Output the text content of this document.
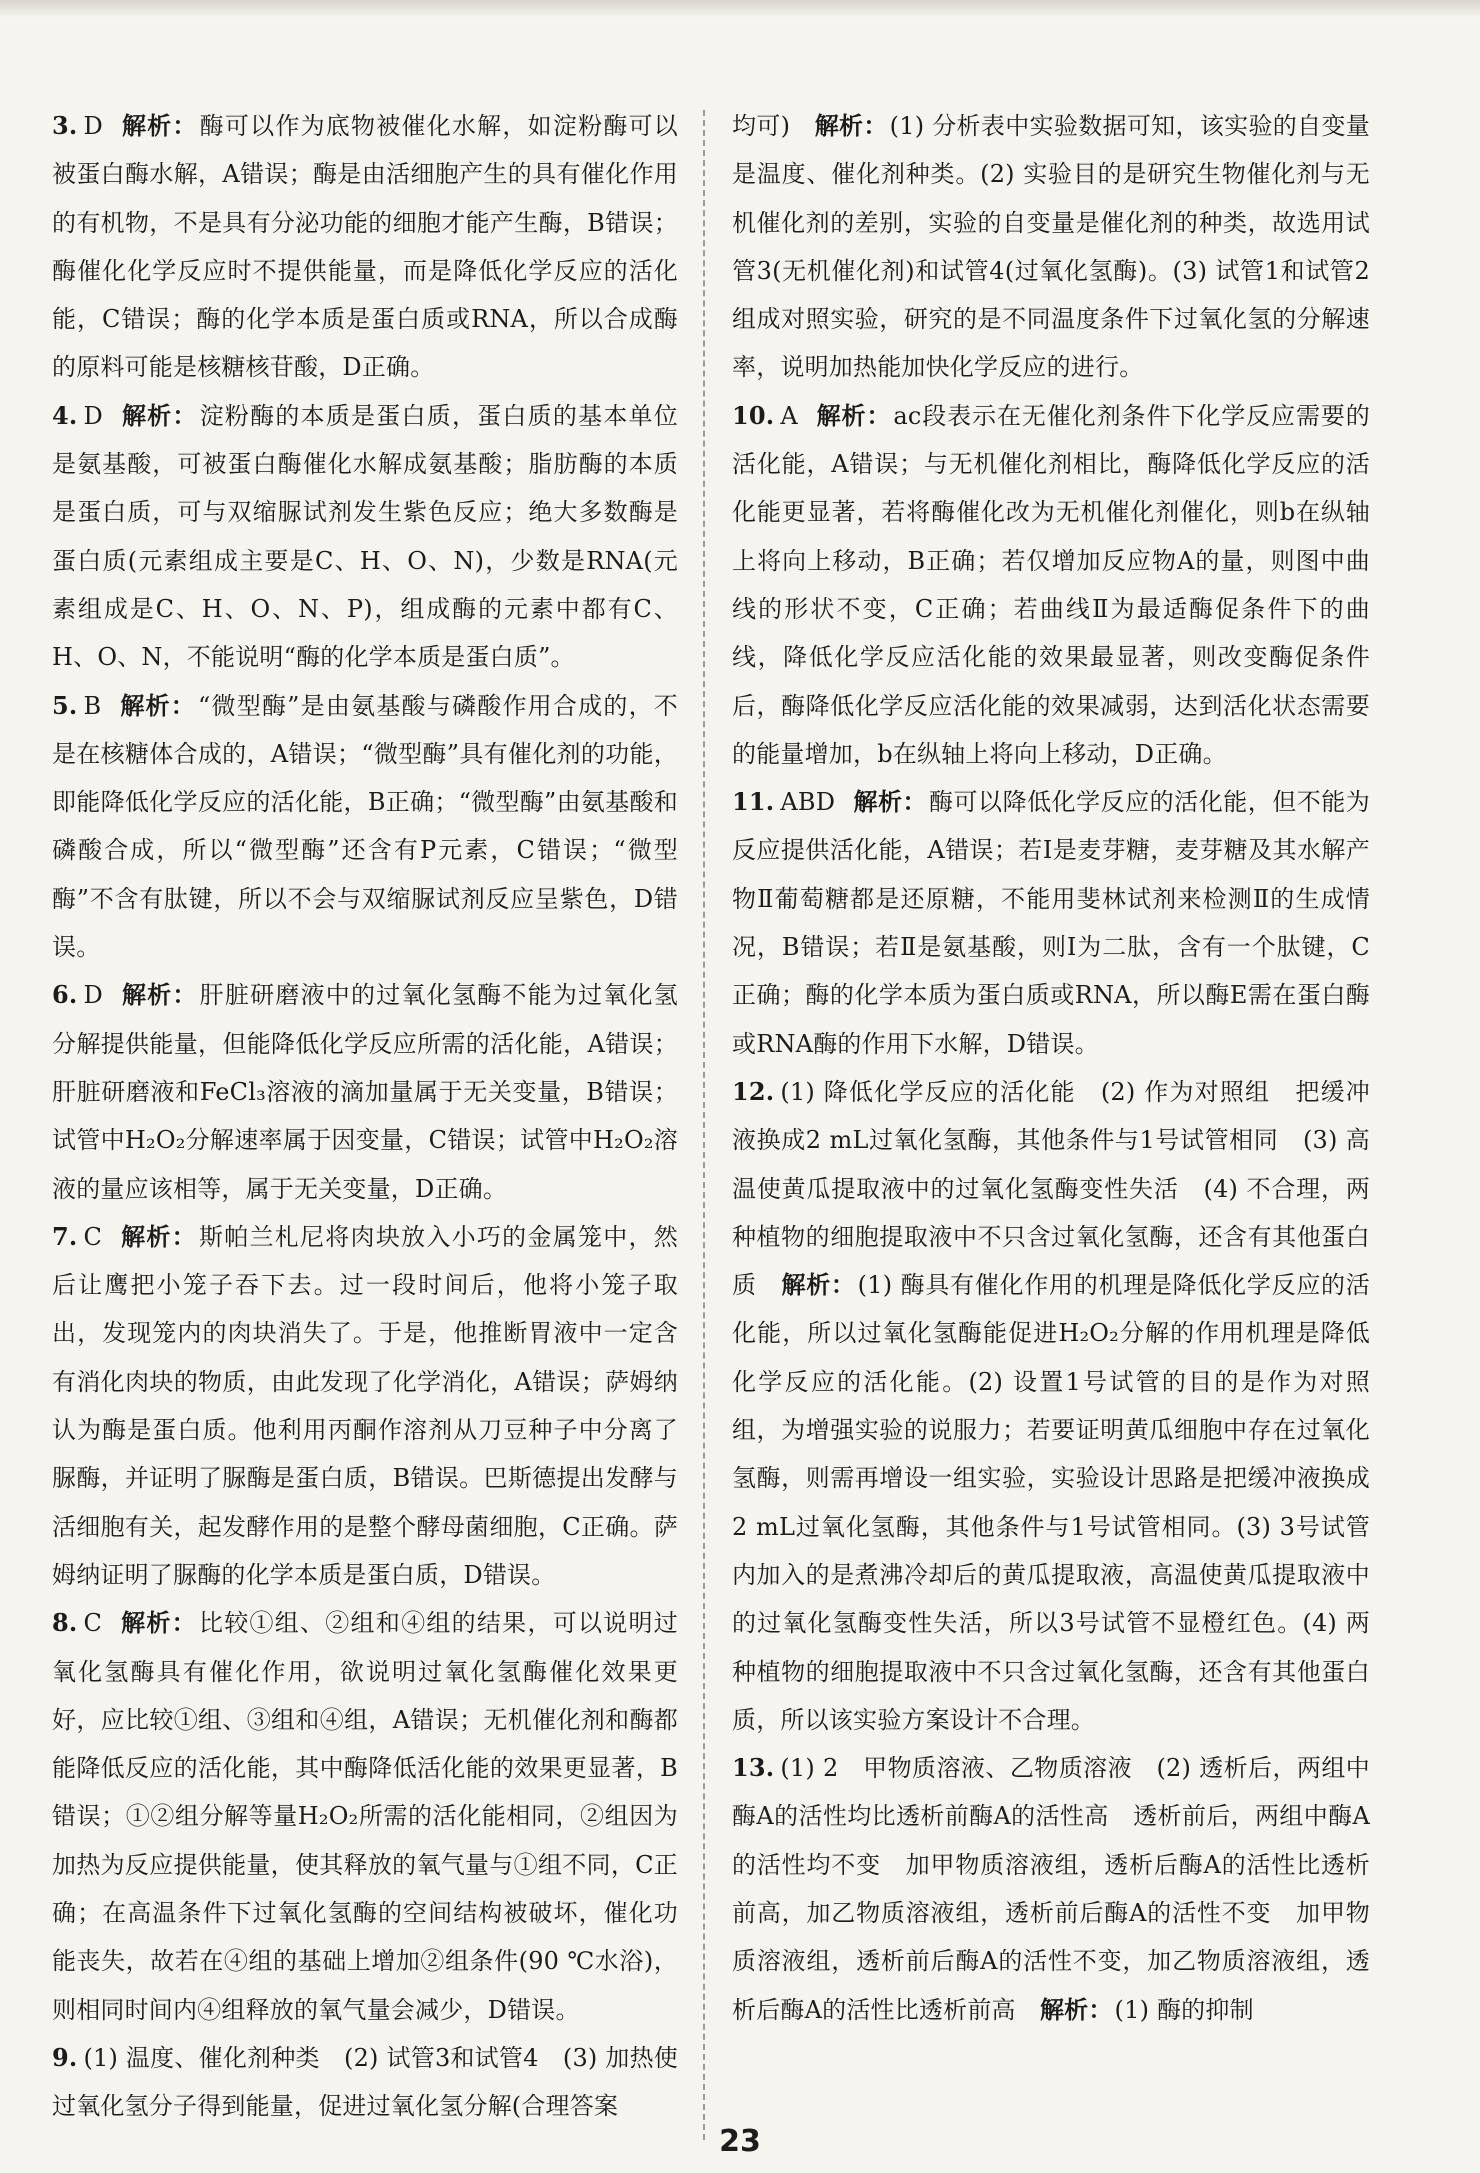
3. D 解析：酶可以作为底物被催化水解，如淀粉酶可以被蛋白酶水解，A错误；酶是由活细胞产生的具有催化作用的有机物，不是具有分泌功能的细胞才能产生酶，B错误；酶催化化学反应时不提供能量，而是降低化学反应的活化能，C错误；酶的化学本质是蛋白质或RNA，所以合成酶的原料可能是核糖核苷酸，D正确。

4. D 解析：淀粉酶的本质是蛋白质，蛋白质的基本单位是氨基酸，可被蛋白酶催化水解成氨基酸；脂肪酶的本质是蛋白质，可与双缩脲试剂发生紫色反应；绝大多数酶是蛋白质(元素组成主要是C、H、O、N)，少数是RNA(元素组成是C、H、O、N、P)，组成酶的元素中都有C、H、O、N，不能说明“酶的化学本质是蛋白质”。

5. B 解析：“微型酶”是由氨基酸与磷酸作用合成的，不是在核糖体合成的，A错误；“微型酶”具有催化剂的功能，即能降低化学反应的活化能，B正确；“微型酶”由氨基酸和磷酸合成，所以“微型酶”还含有P元素，C错误；“微型酶”不含有肽键，所以不会与双缩脲试剂反应呈紫色，D错误。

6. D 解析：肝脏研磨液中的过氧化氢酶不能为过氧化氢分解提供能量，但能降低化学反应所需的活化能，A错误；肝脏研磨液和FeCl₃溶液的滴加量属于无关变量，B错误；试管中H₂O₂分解速率属于因变量，C错误；试管中H₂O₂溶液的量应该相等，属于无关变量，D正确。

7. C 解析：斯帕兰札尼将肉块放入小巧的金属笼中，然后让鹰把小笼子吞下去。过一段时间后，他将小笼子取出，发现笼内的肉块消失了。于是，他推断胃液中一定含有消化肉块的物质，由此发现了化学消化，A错误；萨姆纳认为酶是蛋白质。他利用丙酮作溶剂从刀豆种子中分离了脲酶，并证明了脲酶是蛋白质，B错误。巴斯德提出发酵与活细胞有关，起发酵作用的是整个酵母菌细胞，C正确。萨姆纳证明了脲酶的化学本质是蛋白质，D错误。

8. C 解析：比较①组、②组和④组的结果，可以说明过氧化氢酶具有催化作用，欲说明过氧化氢酶催化效果更好，应比较①组、③组和④组，A错误；无机催化剂和酶都能降低反应的活化能，其中酶降低活化能的效果更显著，B错误；①②组分解等量H₂O₂所需的活化能相同，②组因为加热为反应提供能量，使其释放的氧气量与①组不同，C正确；在高温条件下过氧化氢酶的空间结构被破坏，催化功能丧失，故若在④组的基础上增加②组条件(90 ℃水浴)，则相同时间内④组释放的氧气量会减少，D错误。

9. (1) 温度、催化剂种类　(2) 试管3和试管4　(3) 加热使过氧化氢分子得到能量，促进过氧化氢分解(合理答案

均可)　解析：(1) 分析表中实验数据可知，该实验的自变量是温度、催化剂种类。(2) 实验目的是研究生物催化剂与无机催化剂的差别，实验的自变量是催化剂的种类，故选用试管3(无机催化剂)和试管4(过氧化氢酶)。(3) 试管1和试管2组成对照实验，研究的是不同温度条件下过氧化氢的分解速率，说明加热能加快化学反应的进行。

10. A 解析：ac段表示在无催化剂条件下化学反应需要的活化能，A错误；与无机催化剂相比，酶降低化学反应的活化能更显著，若将酶催化改为无机催化剂催化，则b在纵轴上将向上移动，B正确；若仅增加反应物A的量，则图中曲线的形状不变，C正确；若曲线Ⅱ为最适酶促条件下的曲线，降低化学反应活化能的效果最显著，则改变酶促条件后，酶降低化学反应活化能的效果减弱，达到活化状态需要的能量增加，b在纵轴上将向上移动，D正确。

11. ABD 解析：酶可以降低化学反应的活化能，但不能为反应提供活化能，A错误；若Ⅰ是麦芽糖，麦芽糖及其水解产物Ⅱ葡萄糖都是还原糖，不能用斐林试剂来检测Ⅱ的生成情况，B错误；若Ⅱ是氨基酸，则Ⅰ为二肽，含有一个肽键，C正确；酶的化学本质为蛋白质或RNA，所以酶E需在蛋白酶或RNA酶的作用下水解，D错误。

12. (1) 降低化学反应的活化能　(2) 作为对照组　把缓冲液换成2 mL过氧化氢酶，其他条件与1号试管相同　(3) 高温使黄瓜提取液中的过氧化氢酶变性失活　(4) 不合理，两种植物的细胞提取液中不只含过氧化氢酶，还含有其他蛋白质　解析：(1) 酶具有催化作用的机理是降低化学反应的活化能，所以过氧化氢酶能促进H₂O₂分解的作用机理是降低化学反应的活化能。(2) 设置1号试管的目的是作为对照组，为增强实验的说服力；若要证明黄瓜细胞中存在过氧化氢酶，则需再增设一组实验，实验设计思路是把缓冲液换成2 mL过氧化氢酶，其他条件与1号试管相同。(3) 3号试管内加入的是煮沸冷却后的黄瓜提取液，高温使黄瓜提取液中的过氧化氢酶变性失活，所以3号试管不显橙红色。(4) 两种植物的细胞提取液中不只含过氧化氢酶，还含有其他蛋白质，所以该实验方案设计不合理。

13. (1) 2　甲物质溶液、乙物质溶液　(2) 透析后，两组中酶A的活性均比透析前酶A的活性高　透析前后，两组中酶A的活性均不变　加甲物质溶液组，透析后酶A的活性比透析前高，加乙物质溶液组，透析前后酶A的活性不变　加甲物质溶液组，透析前后酶A的活性不变，加乙物质溶液组，透析后酶A的活性比透析前高　解析：(1) 酶的抑制

23
